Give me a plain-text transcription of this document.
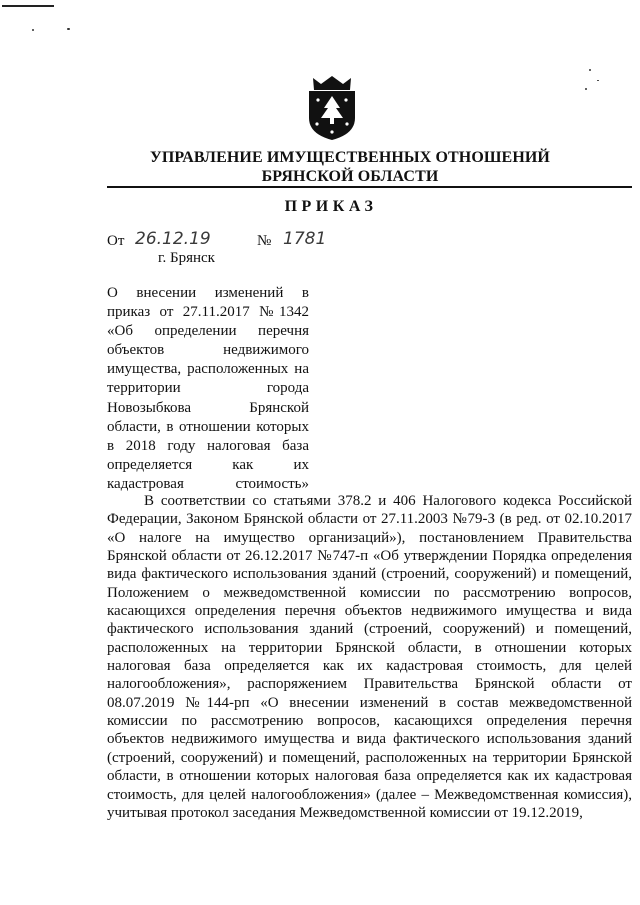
УПРАВЛЕНИЕ ИМУЩЕСТВЕННЫХ ОТНОШЕНИЙ
БРЯНСКОЙ ОБЛАСТИ
ПРИКАЗ
От 26.12.19	№ 1781
г. Брянск
О внесении изменений в приказ от 27.11.2017 №1342 «Об определении перечня объектов недвижимого имущества, расположенных на территории города Новозыбкова Брянской области, в отношении которых в 2018 году налоговая база определяется как их кадастровая стоимость»
В соответствии со статьями 378.2 и 406 Налогового кодекса Российской Федерации, Законом Брянской области от 27.11.2003 №79-З (в ред. от 02.10.2017 «О налоге на имущество организаций»), постановлением Правительства Брянской области от 26.12.2017 №747-п «Об утверждении Порядка определения вида фактического использования зданий (строений, сооружений) и помещений, Положением о межведомственной комиссии по рассмотрению вопросов, касающихся определения перечня объектов недвижимого имущества и вида фактического использования зданий (строений, сооружений) и помещений, расположенных на территории Брянской области, в отношении которых налоговая база определяется как их кадастровая стоимость, для целей налогообложения», распоряжением Правительства Брянской области от 08.07.2019 №144-рп «О внесении изменений в состав межведомственной комиссии по рассмотрению вопросов, касающихся определения перечня объектов недвижимого имущества и вида фактического использования зданий (строений, сооружений) и помещений, расположенных на территории Брянской области, в отношении которых налоговая база определяется как их кадастровая стоимость, для целей налогообложения» (далее – Межведомственная комиссия), учитывая протокол заседания Межведомственной комиссии от 19.12.2019,
